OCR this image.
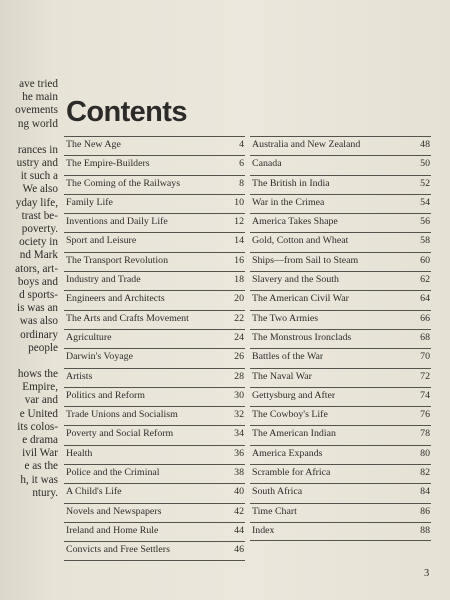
ave tried
he main
ovements
ng world
rances in
ustry and
it such a
We also
yday life,
trast be-
poverty.
ociety in
nd Mark
ators, art-
boys and
d sports-
is was an
was also
ordinary
people
hows the
Empire,
var and
e United
its colos-
e drama
ivil War
e as the
h, it was
ntury.
Contents
The New Age	4
The Empire-Builders	6
The Coming of the Railways	8
Family Life	10
Inventions and Daily Life	12
Sport and Leisure	14
The Transport Revolution	16
Industry and Trade	18
Engineers and Architects	20
The Arts and Crafts Movement	22
Agriculture	24
Darwin's Voyage	26
Artists	28
Politics and Reform	30
Trade Unions and Socialism	32
Poverty and Social Reform	34
Health	36
Police and the Criminal	38
A Child's Life	40
Novels and Newspapers	42
Ireland and Home Rule	44
Convicts and Free Settlers	46
Australia and New Zealand	48
Canada	50
The British in India	52
War in the Crimea	54
America Takes Shape	56
Gold, Cotton and Wheat	58
Ships—from Sail to Steam	60
Slavery and the South	62
The American Civil War	64
The Two Armies	66
The Monstrous Ironclads	68
Battles of the War	70
The Naval War	72
Gettysburg and After	74
The Cowboy's Life	76
The American Indian	78
America Expands	80
Scramble for Africa	82
South Africa	84
Time Chart	86
Index	88
3
